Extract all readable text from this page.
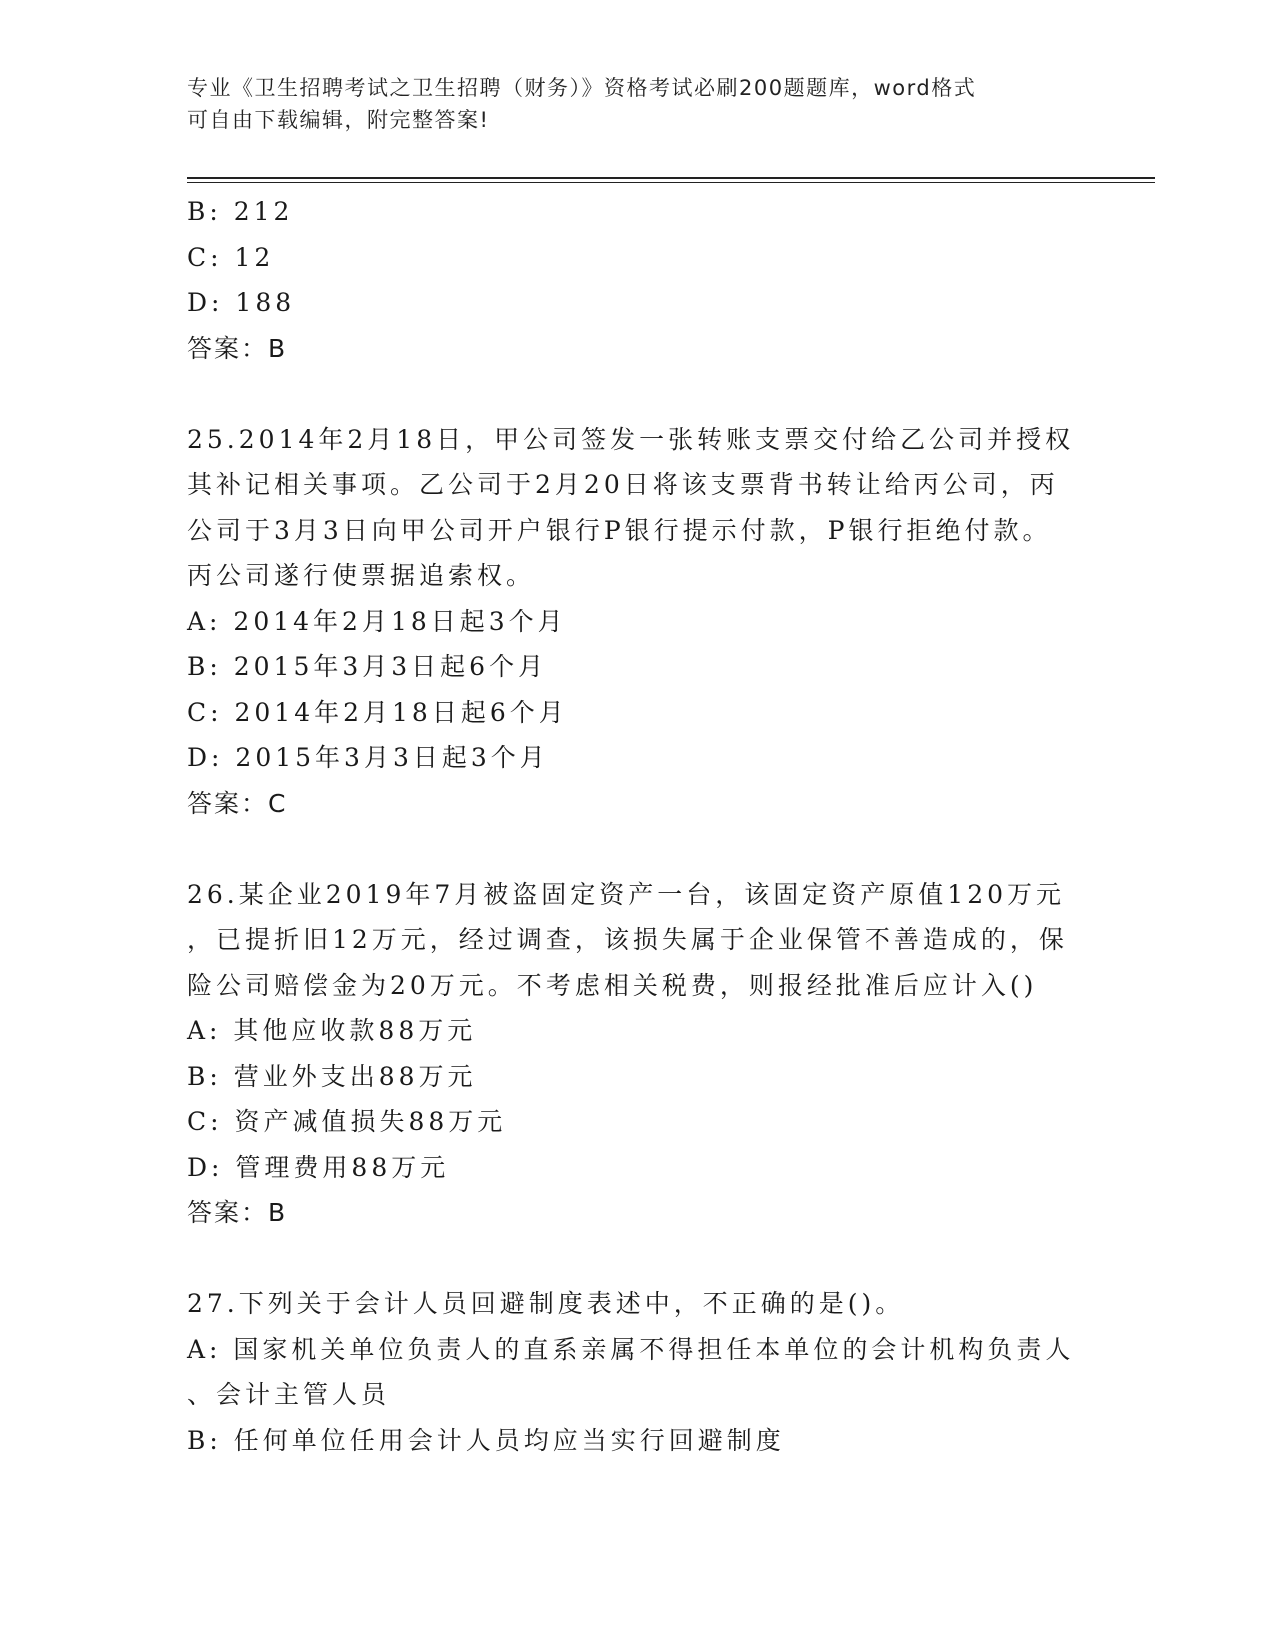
专业《卫生招聘考试之卫生招聘（财务）》资格考试必刷200题题库，word格式
可自由下载编辑，附完整答案!
B: 212
C: 12
D: 188
答案：B
25.2014年2月18日，甲公司签发一张转账支票交付给乙公司并授权
其补记相关事项。乙公司于2月20日将该支票背书转让给丙公司，丙
公司于3月3日向甲公司开户银行P银行提示付款，P银行拒绝付款。
丙公司遂行使票据追索权。
A: 2014年2月18日起3个月
B: 2015年3月3日起6个月
C: 2014年2月18日起6个月
D: 2015年3月3日起3个月
答案：C
26.某企业2019年7月被盗固定资产一台，该固定资产原值120万元
，已提折旧12万元，经过调查，该损失属于企业保管不善造成的，保
险公司赔偿金为20万元。不考虑相关税费，则报经批准后应计入()
A: 其他应收款88万元
B: 营业外支出88万元
C: 资产减值损失88万元
D: 管理费用88万元
答案：B
27.下列关于会计人员回避制度表述中，不正确的是()。
A: 国家机关单位负责人的直系亲属不得担任本单位的会计机构负责人
、会计主管人员
B: 任何单位任用会计人员均应当实行回避制度
